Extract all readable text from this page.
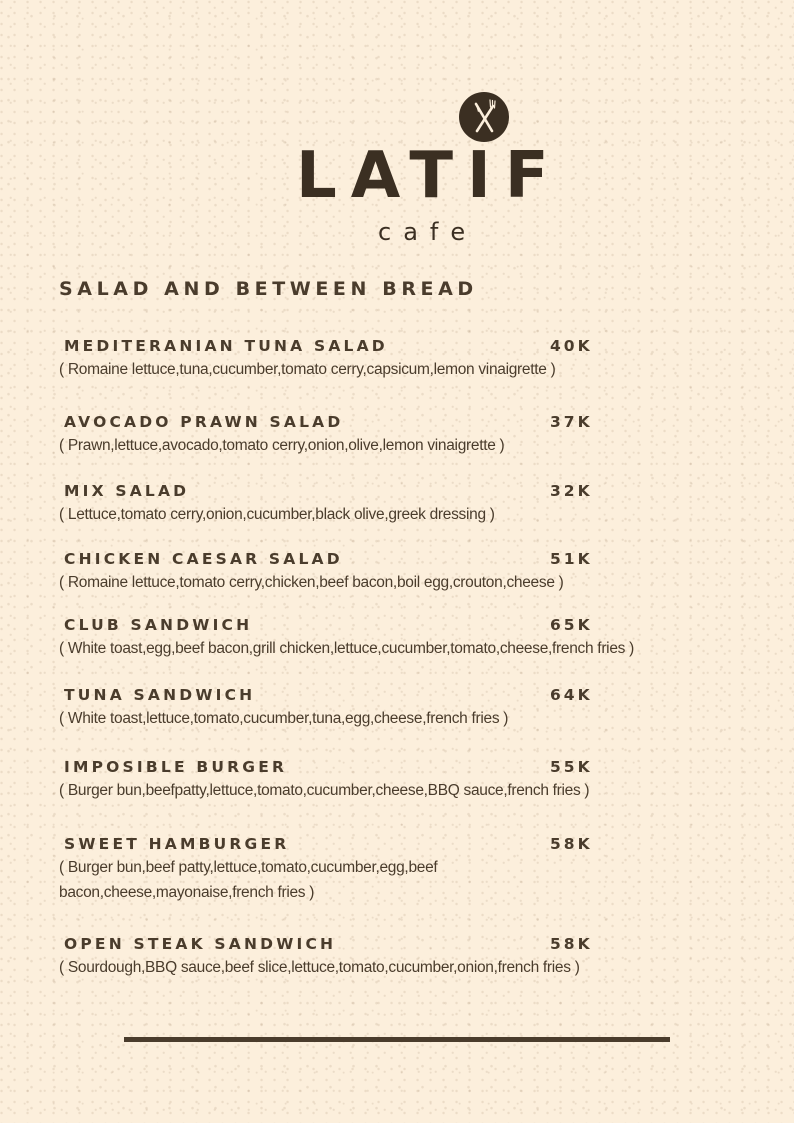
LATIF
cafe
SALAD AND BETWEEN BREAD
MEDITERANIAN TUNA SALAD	40K
( Romaine lettuce,tuna,cucumber,tomato cerry,capsicum,lemon vinaigrette )
AVOCADO PRAWN SALAD	37K
( Prawn,lettuce,avocado,tomato cerry,onion,olive,lemon vinaigrette )
MIX SALAD	32K
( Lettuce,tomato cerry,onion,cucumber,black olive,greek dressing )
CHICKEN CAESAR SALAD	51K
( Romaine lettuce,tomato cerry,chicken,beef bacon,boil egg,crouton,cheese )
CLUB SANDWICH	65K
( White toast,egg,beef bacon,grill chicken,lettuce,cucumber,tomato,cheese,french fries )
TUNA SANDWICH	64K
( White toast,lettuce,tomato,cucumber,tuna,egg,cheese,french fries )
IMPOSIBLE BURGER	55K
( Burger bun,beefpatty,lettuce,tomato,cucumber,cheese,BBQ sauce,french fries )
SWEET HAMBURGER	58K
( Burger bun,beef patty,lettuce,tomato,cucumber,egg,beef bacon,cheese,mayonaise,french fries )
OPEN STEAK SANDWICH	58K
( Sourdough,BBQ sauce,beef slice,lettuce,tomato,cucumber,onion,french fries )
